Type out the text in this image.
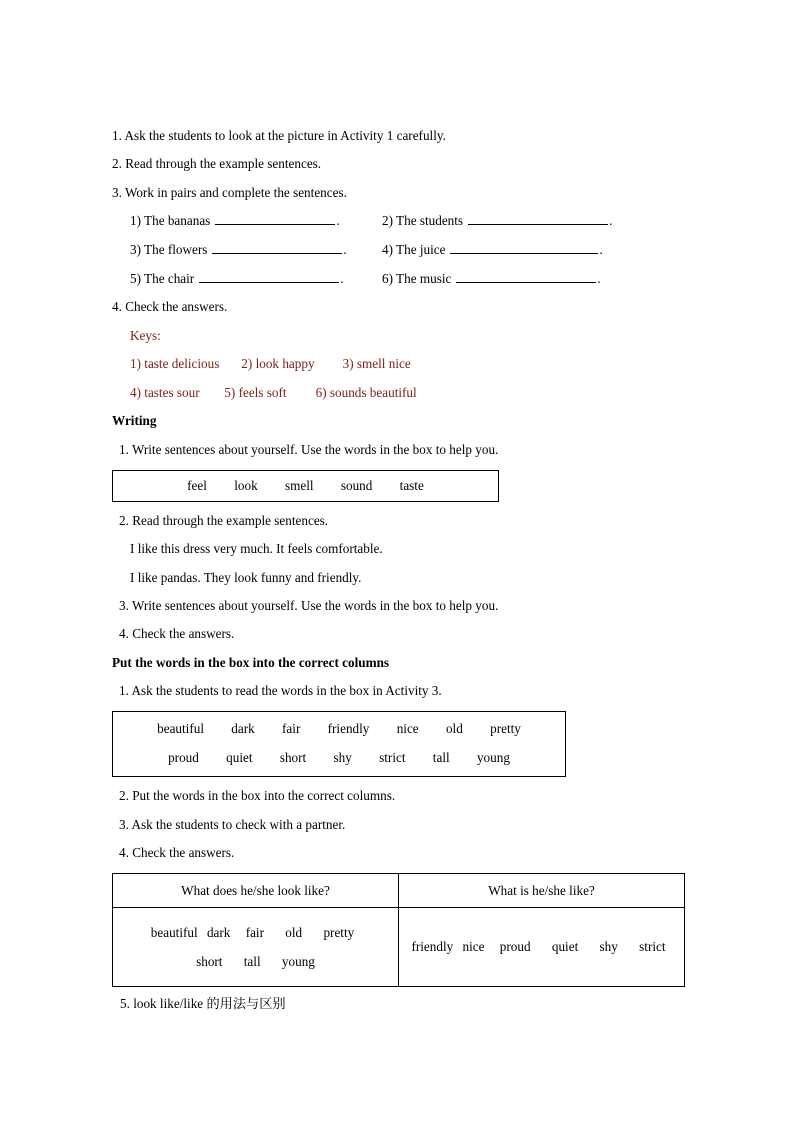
1. Ask the students to look at the picture in Activity 1 carefully.
2. Read through the example sentences.
3. Work in pairs and complete the sentences.
1) The bananas	.	2) The students	.
3) The flowers	.	4) The juice	.
5) The chair	.	6) The music	.
4. Check the answers.
Keys:
1) taste delicious 2) look happy 3) smell nice
4) tastes sour 5) feels soft 6) sounds beautiful
Writing
1. Write sentences about yourself. Use the words in the box to help you.
feel look smell sound taste
2. Read through the example sentences.
I like this dress very much. It feels comfortable.
I like pandas. They look funny and friendly.
3. Write sentences about yourself. Use the words in the box to help you.
4. Check the answers.
Put the words in the box into the correct columns
1. Ask the students to read the words in the box in Activity 3.
beautiful dark fair friendly nice old pretty
proud quiet short shy strict tall young
2. Put the words in the box into the correct columns.
3. Ask the students to check with a partner.
4. Check the answers.
What does he/she look like?	What is he/she like?

beautiful dark fair old pretty
short tall young	friendly nice proud quiet shy strict
5. look like/like 的用法与区别
